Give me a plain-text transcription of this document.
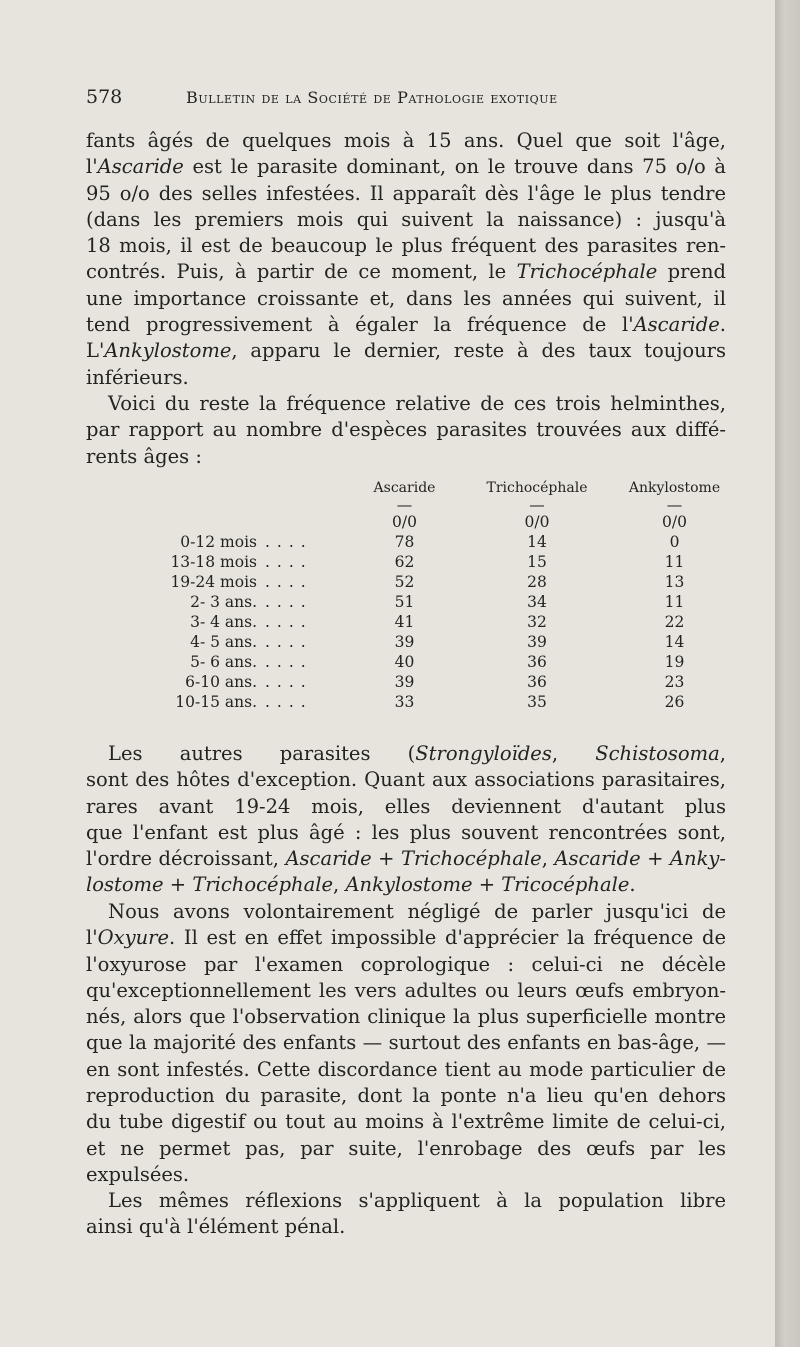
578	Bulletin de la Société de Pathologie exotique
fants âgés de quelques mois à 15 ans. Quel que soit l'âge,
l'Ascaride est le parasite dominant, on le trouve dans 75 o/o à
95 o/o des selles infestées. Il apparaît dès l'âge le plus tendre
(dans les premiers mois qui suivent la naissance) : jusqu'à
18 mois, il est de beaucoup le plus fréquent des parasites ren-
contrés. Puis, à partir de ce moment, le Trichocéphale prend
une importance croissante et, dans les années qui suivent, il
tend progressivement à égaler la fréquence de l'Ascaride.
L'Ankylostome, apparu le dernier, reste à des taux toujours
inférieurs.
Voici du reste la fréquence relative de ces trois helminthes,
par rapport au nombre d'espèces parasites trouvées aux diffé-
rents âges :
	Ascaride	Trichocéphale	Ankylostome
	—	—	—
	0/0	0/0	0/0
0-12 mois ....	78	14	0
13-18 mois ....	62	15	11
19-24 mois ....	52	28	13
2- 3 ans. ....	51	34	11
3- 4 ans. ....	41	32	22
4- 5 ans. ....	39	39	14
5- 6 ans. ....	40	36	19
6-10 ans. ....	39	36	23
10-15 ans. ....	33	35	26
Les autres parasites (Strongyloïdes, Schistosoma,
sont des hôtes d'exception. Quant aux associations parasitaires,
rares avant 19-24 mois, elles deviennent d'autant plus
que l'enfant est plus âgé : les plus souvent rencontrées sont,
l'ordre décroissant, Ascaride + Trichocéphale, Ascaride + Anky-
lostome + Trichocéphale, Ankylostome + Tricocéphale.
Nous avons volontairement négligé de parler jusqu'ici de
l'Oxyure. Il est en effet impossible d'apprécier la fréquence de
l'oxyurose par l'examen coprologique : celui-ci ne décèle
qu'exceptionnellement les vers adultes ou leurs œufs embryon-
nés, alors que l'observation clinique la plus superficielle montre
que la majorité des enfants — surtout des enfants en bas-âge, —
en sont infestés. Cette discordance tient au mode particulier de
reproduction du parasite, dont la ponte n'a lieu qu'en dehors
du tube digestif ou tout au moins à l'extrême limite de celui-ci,
et ne permet pas, par suite, l'enrobage des œufs par les
expulsées.
Les mêmes réflexions s'appliquent à la population libre
ainsi qu'à l'élément pénal.
